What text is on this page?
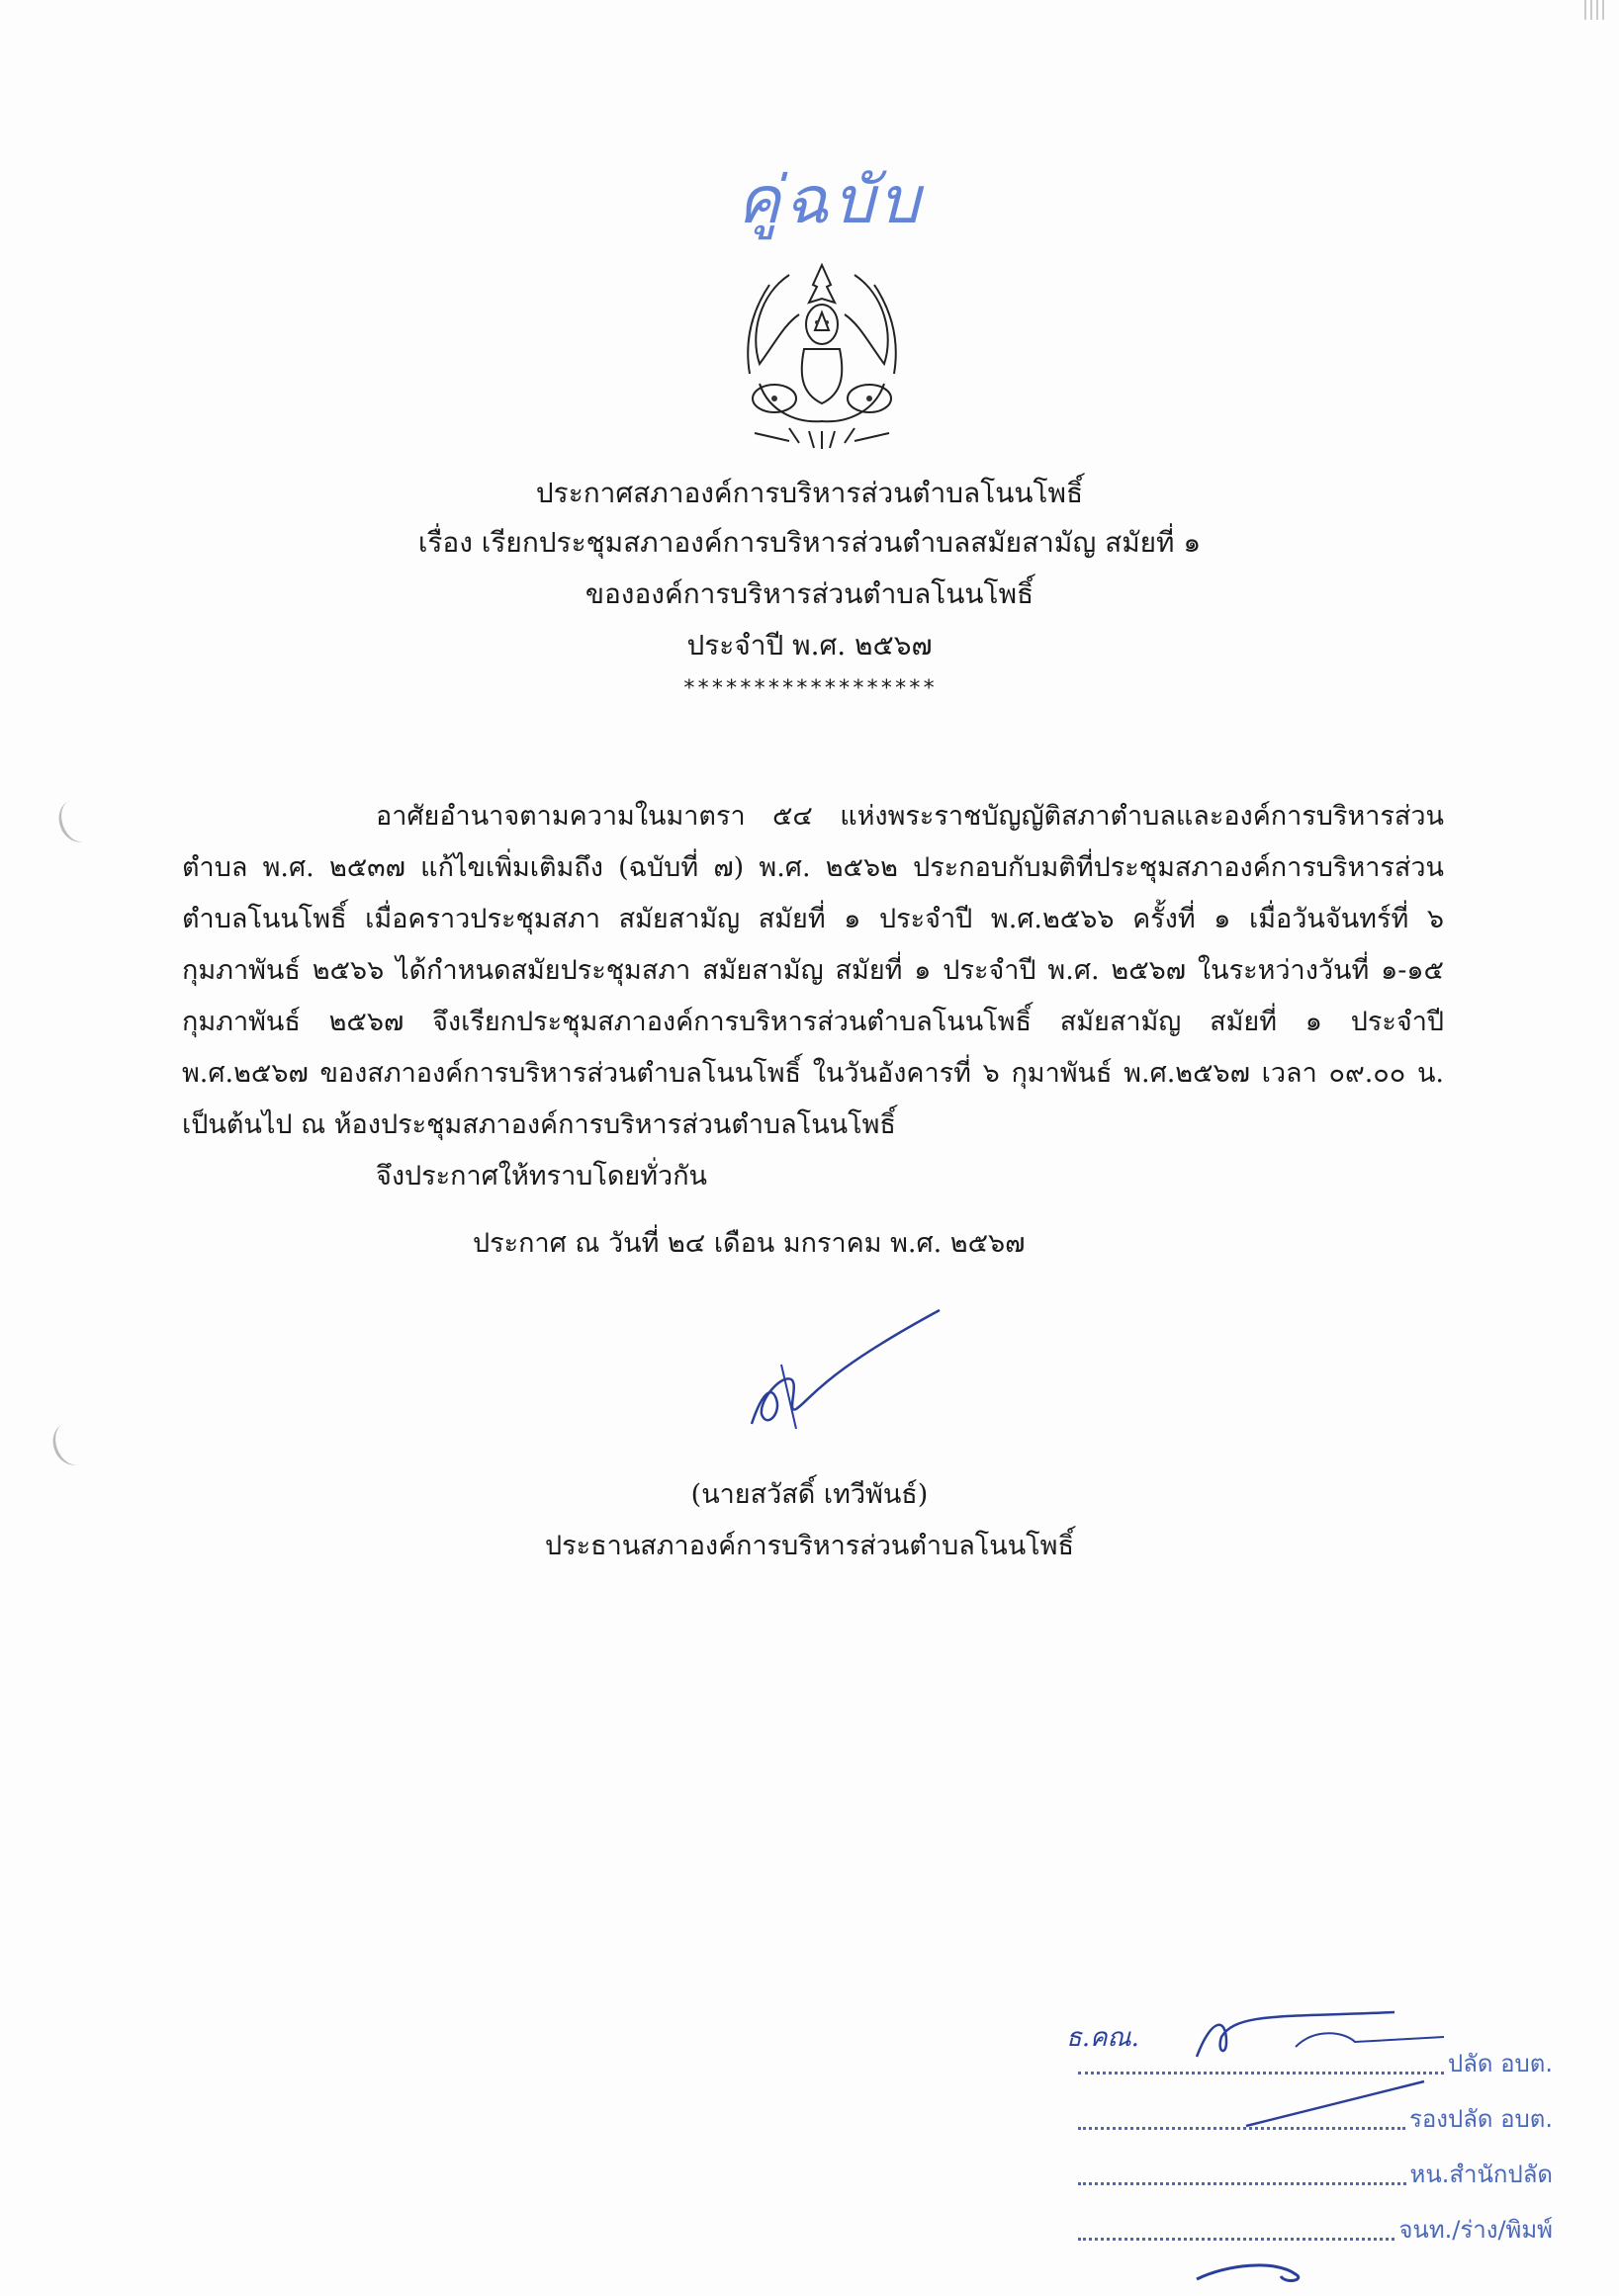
คู่ฉบับ
ประกาศสภาองค์การบริหารส่วนตำบลโนนโพธิ์
เรื่อง เรียกประชุมสภาองค์การบริหารส่วนตำบลสมัยสามัญ สมัยที่ ๑
ขององค์การบริหารส่วนตำบลโนนโพธิ์
ประจำปี พ.ศ. ๒๕๖๗
******************
อาศัยอำนาจตามความในมาตรา ๕๔ แห่งพระราชบัญญัติสภาตำบลและองค์การบริหารส่วนตำบล พ.ศ. ๒๕๓๗ แก้ไขเพิ่มเติมถึง (ฉบับที่ ๗) พ.ศ. ๒๕๖๒ ประกอบกับมติที่ประชุมสภาองค์การบริหารส่วนตำบลโนนโพธิ์ เมื่อคราวประชุมสภา สมัยสามัญ สมัยที่ ๑ ประจำปี พ.ศ.๒๕๖๖ ครั้งที่ ๑ เมื่อวันจันทร์ที่ ๖ กุมภาพันธ์ ๒๕๖๖ ได้กำหนดสมัยประชุมสภา สมัยสามัญ สมัยที่ ๑ ประจำปี พ.ศ. ๒๕๖๗ ในระหว่างวันที่ ๑-๑๕ กุมภาพันธ์ ๒๕๖๗ จึงเรียกประชุมสภาองค์การบริหารส่วนตำบลโนนโพธิ์ สมัยสามัญ สมัยที่ ๑ ประจำปี พ.ศ.๒๕๖๗ ของสภาองค์การบริหารส่วนตำบลโนนโพธิ์ ในวันอังคารที่ ๖ กุมาพันธ์ พ.ศ.๒๕๖๗ เวลา ๐๙.๐๐ น. เป็นต้นไป ณ ห้องประชุมสภาองค์การบริหารส่วนตำบลโนนโพธิ์
จึงประกาศให้ทราบโดยทั่วกัน
ประกาศ ณ วันที่ ๒๔ เดือน มกราคม พ.ศ. ๒๕๖๗
(นายสวัสดิ์ เทวีพันธ์)
ประธานสภาองค์การบริหารส่วนตำบลโนนโพธิ์
ธ.คณ.
ปลัด อบต.
รองปลัด อบต.
หน.สำนักปลัด
จนท./ร่าง/พิมพ์
